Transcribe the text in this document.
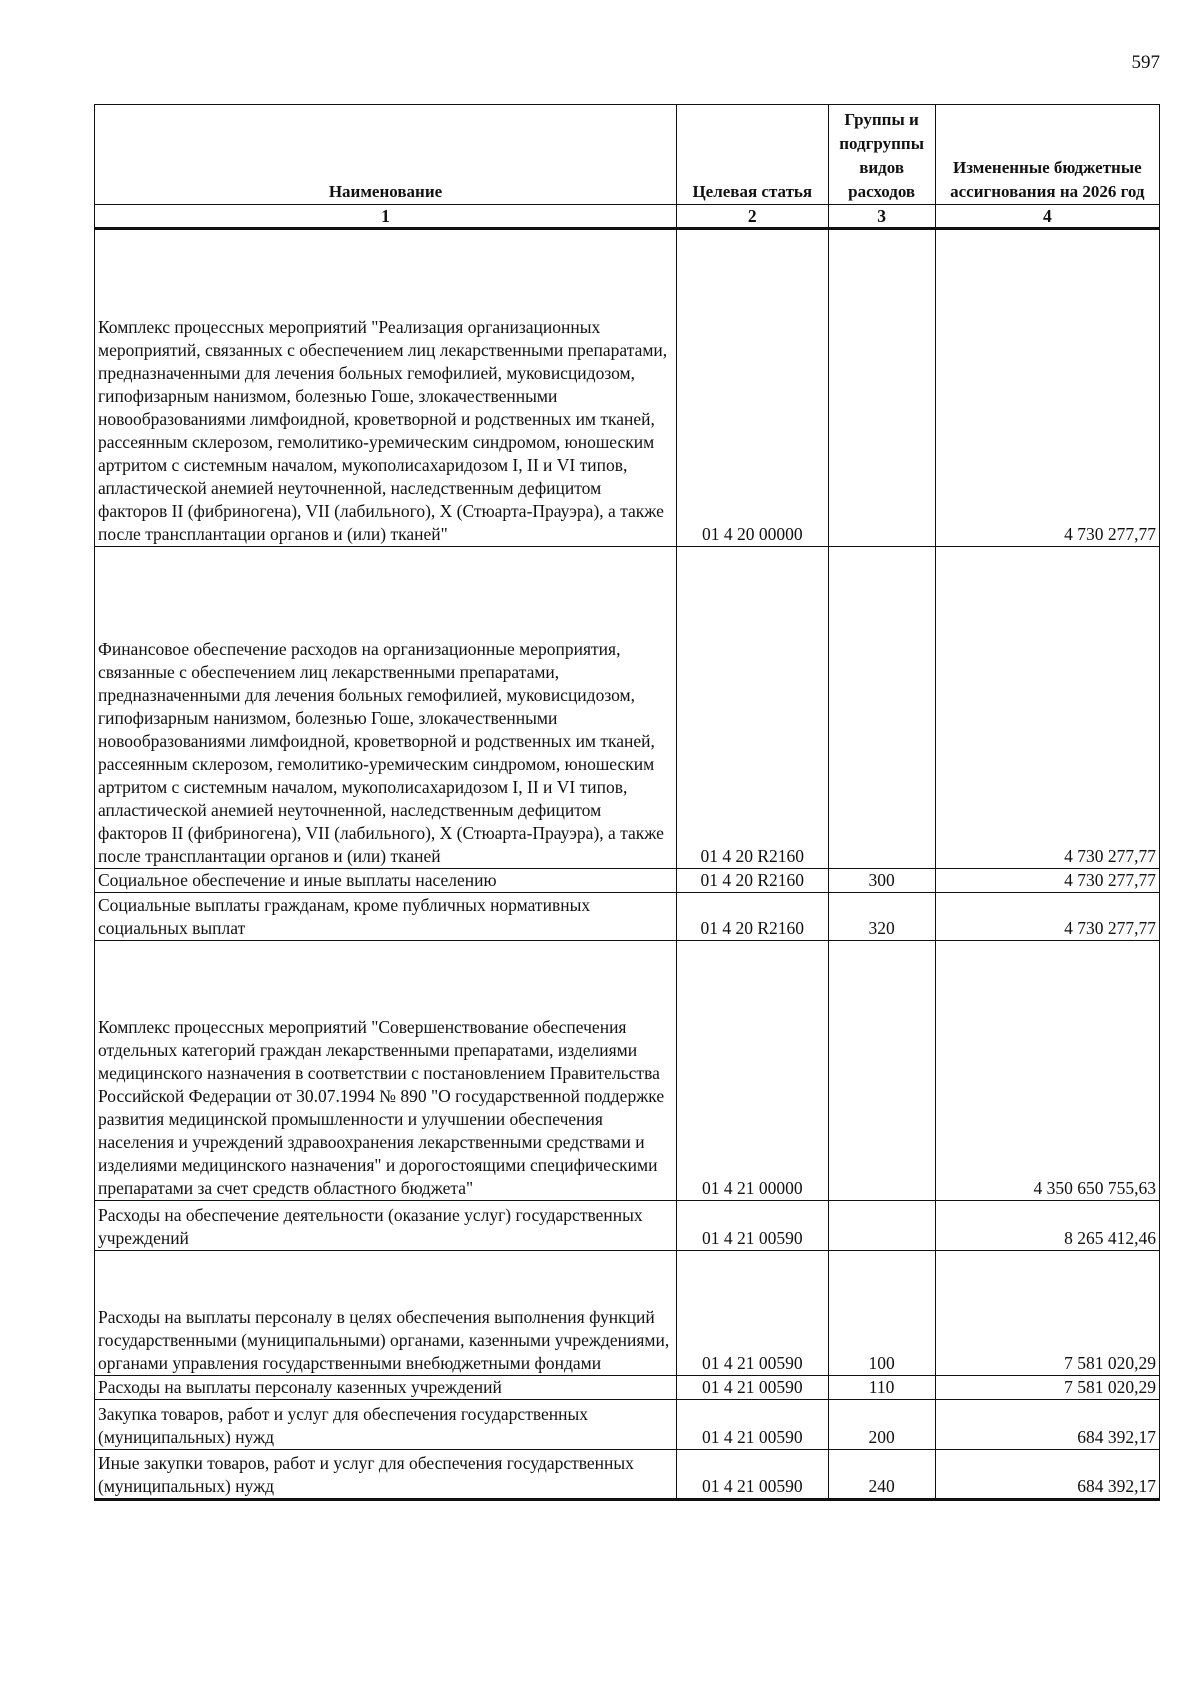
597
Наименование	Целевая статья	Группы и подгруппы видов расходов	Измененные бюджетные ассигнования на 2026 год
1	2	3	4
Комплекс процессных мероприятий "Реализация организационных мероприятий, связанных с обеспечением лиц лекарственными препаратами, предназначенными для лечения больных гемофилией, муковисцидозом, гипофизарным нанизмом, болезнью Гоше, злокачественными новообразованиями лимфоидной, кроветворной и родственных им тканей, рассеянным склерозом, гемолитико-уремическим синдромом, юношеским артритом с системным началом, мукополисахаридозом I, II и VI типов, апластической анемией неуточненной, наследственным дефицитом факторов II (фибриногена), VII (лабильного), X (Стюарта-Прауэра), а также после трансплантации органов и (или) тканей"	01 4 20 00000		4 730 277,77
Финансовое обеспечение расходов на организационные мероприятия, связанные с обеспечением лиц лекарственными препаратами, предназначенными для лечения больных гемофилией, муковисцидозом, гипофизарным нанизмом, болезнью Гоше, злокачественными новообразованиями лимфоидной, кроветворной и родственных им тканей, рассеянным склерозом, гемолитико-уремическим синдромом, юношеским артритом с системным началом, мукополисахаридозом I, II и VI типов, апластической анемией неуточненной, наследственным дефицитом факторов II (фибриногена), VII (лабильного), X (Стюарта-Прауэра), а также после трансплантации органов и (или) тканей	01 4 20 R2160		4 730 277,77
Социальное обеспечение и иные выплаты населению	01 4 20 R2160	300	4 730 277,77
Социальные выплаты гражданам, кроме публичных нормативных социальных выплат	01 4 20 R2160	320	4 730 277,77
Комплекс процессных мероприятий "Совершенствование обеспечения отдельных категорий граждан лекарственными препаратами, изделиями медицинского назначения в соответствии с постановлением Правительства Российской Федерации от 30.07.1994 № 890 "О государственной поддержке развития медицинской промышленности и улучшении обеспечения населения и учреждений здравоохранения лекарственными средствами и изделиями медицинского назначения" и дорогостоящими специфическими препаратами за счет средств областного бюджета"	01 4 21 00000		4 350 650 755,63
Расходы на обеспечение деятельности (оказание услуг) государственных учреждений	01 4 21 00590		8 265 412,46
Расходы на выплаты персоналу в целях обеспечения выполнения функций государственными (муниципальными) органами, казенными учреждениями, органами управления государственными внебюджетными фондами	01 4 21 00590	100	7 581 020,29
Расходы на выплаты персоналу казенных учреждений	01 4 21 00590	110	7 581 020,29
Закупка товаров, работ и услуг для обеспечения государственных (муниципальных) нужд	01 4 21 00590	200	684 392,17
Иные закупки товаров, работ и услуг для обеспечения государственных (муниципальных) нужд	01 4 21 00590	240	684 392,17
